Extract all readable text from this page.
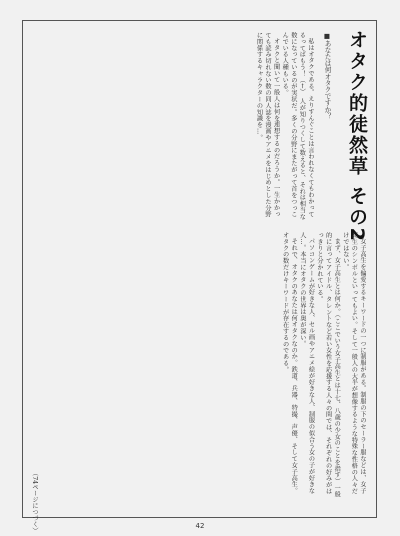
オタク的徒然草 その2
■あなたは何オタクですか？

私はオタクである。えりすんぐことは言われなくてもわかってるってばもう！（←）　人が知りつくして数えると、それは相当な数になっているのが実状だ。多くの分野にまたがって首をつっこんでいる人種もいる。

オタクと聞いて一般人は何を連想するのだろうか。一生かかっても読み切れない数の同人誌を漫画やアニメをはじめとした分野に関係するキャラクターの知識を…。

女子高生を偏愛するキーワードの一つに制服がある。制服の下のセーラー服などは、女子高生のシンボルといってもよい。そして一般人の大半が想像するような特殊な性格の人々だけではない。

まず、女子高生とは何か。（ここでいう女子高生とは十七、八歳の少女のことを指す）一般的に言ってアイドル、タレントなど若い女性を応援する人々の間では、それぞれの好みがはっきりと分かれている。

パソコンゲームが好きな人、セル画やアニメ絵が好きな人、制服の似合う女の子が好きな人…。本当にオタクの世界は奥が深い。

それで、オタクのあなたは何オタクなのか。鉄道、兵器、特撮、声優、そして女子高生。オタクの数だけキーワードが存在するのである。

（74ページにつづく）	42
